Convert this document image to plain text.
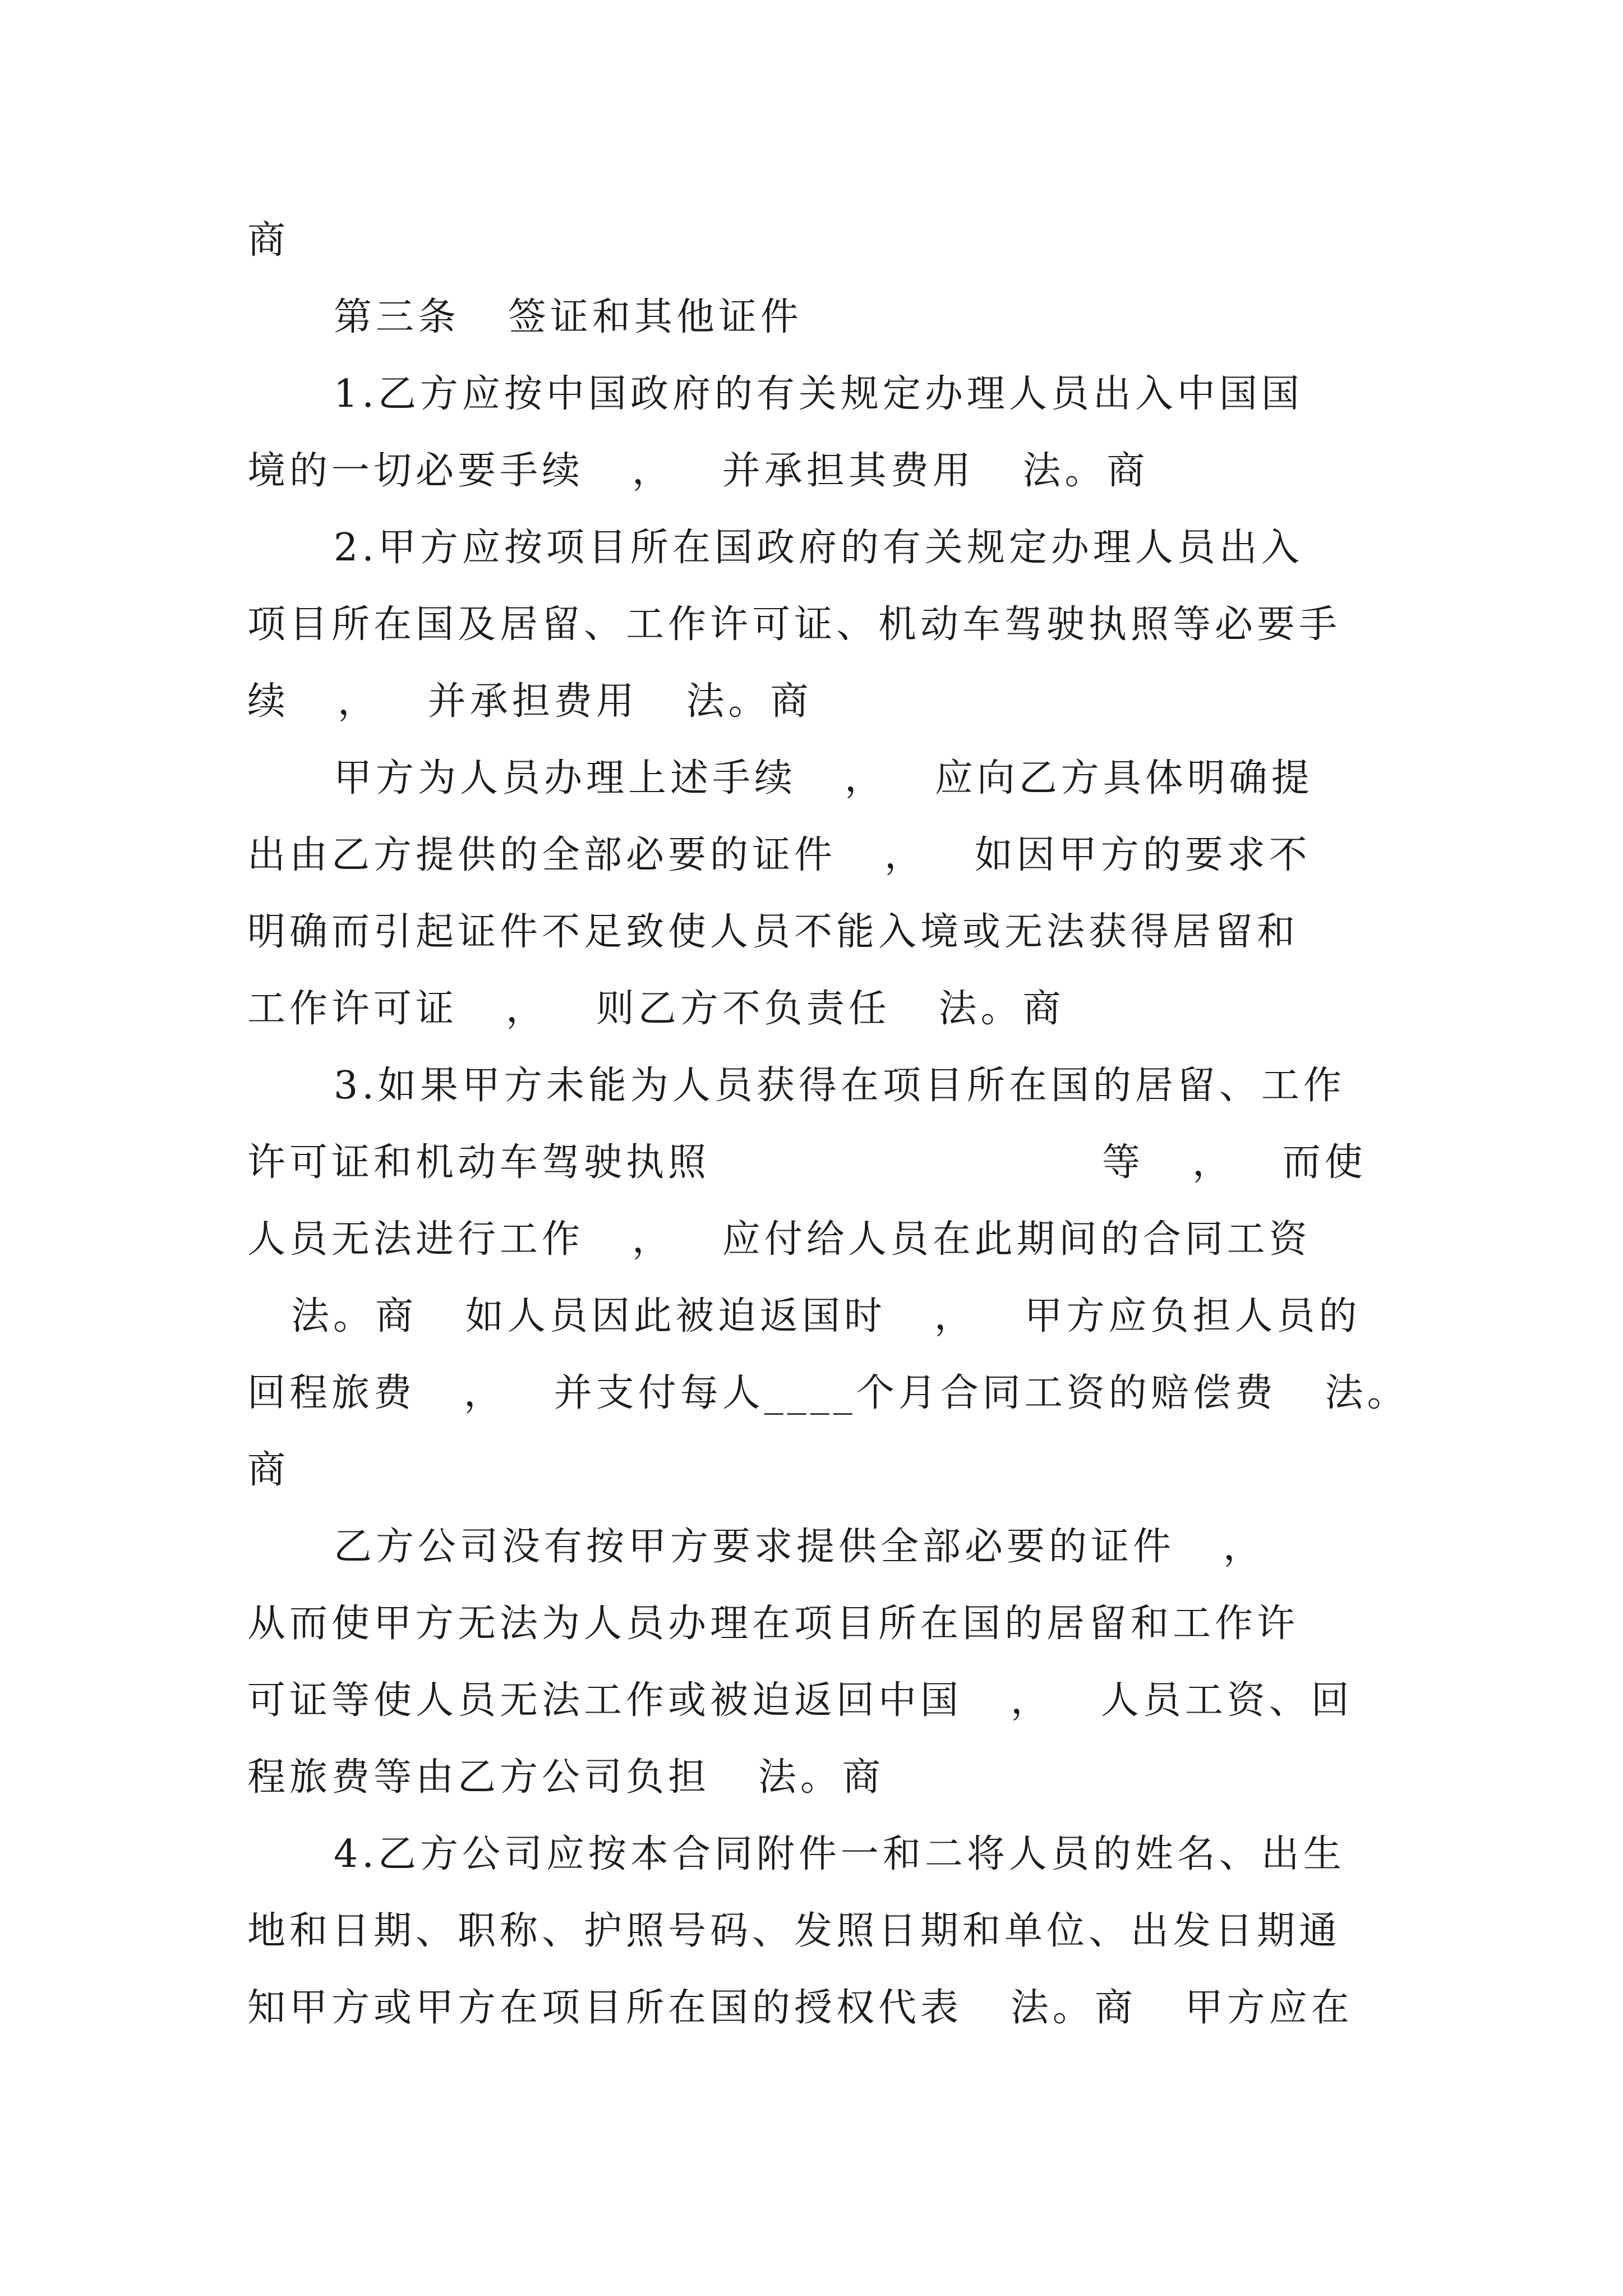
商
第三条   签证和其他证件
1.乙方应按中国政府的有关规定办理人员出入中国国
境的一切必要手续   ，   并承担其费用   法。商
2.甲方应按项目所在国政府的有关规定办理人员出入
项目所在国及居留、工作许可证、机动车驾驶执照等必要手
续   ，   并承担费用   法。商
甲方为人员办理上述手续   ，   应向乙方具体明确提
出由乙方提供的全部必要的证件   ，   如因甲方的要求不
明确而引起证件不足致使人员不能入境或无法获得居留和
工作许可证   ，   则乙方不负责任   法。商
3.如果甲方未能为人员获得在项目所在国的居留、工作
许可证和机动车驾驶执照	等   ，   而使
人员无法进行工作   ，   应付给人员在此期间的合同工资
法。商   如人员因此被迫返国时   ，   甲方应负担人员的
回程旅费   ，   并支付每人____个月合同工资的赔偿费   法。
商
乙方公司没有按甲方要求提供全部必要的证件   ，
从而使甲方无法为人员办理在项目所在国的居留和工作许
可证等使人员无法工作或被迫返回中国   ，   人员工资、回
程旅费等由乙方公司负担   法。商
4.乙方公司应按本合同附件一和二将人员的姓名、出生
地和日期、职称、护照号码、发照日期和单位、出发日期通
知甲方或甲方在项目所在国的授权代表   法。商   甲方应在
